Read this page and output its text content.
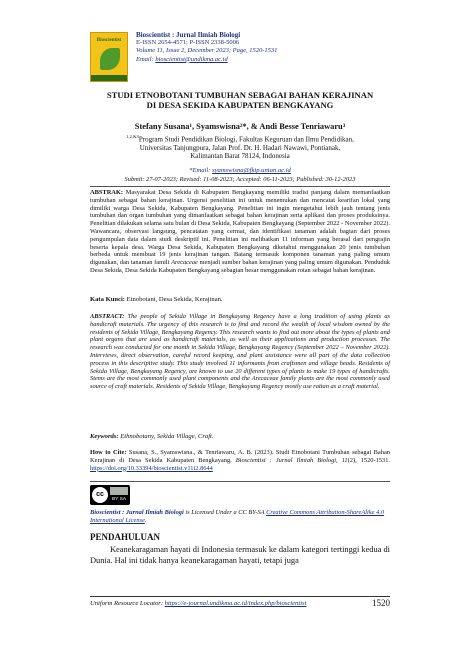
Bioscientist
Bioscientist : Jurnal Ilmiah Biologi
E-ISSN 2654-4571; P-ISSN 2338-5006
Volume 11, Issue 2, December 2023; Page, 1520-1531
Email: bioscientist@undikma.ac.id
STUDI ETNOBOTANI TUMBUHAN SEBAGAI BAHAN KERAJINAN
DI DESA SEKIDA KABUPATEN BENGKAYANG
Stefany Susana¹, Syamswisna²*, & Andi Besse Tenriawaru³
$^{1,2,\&3}$Program Studi Pendidikan Biologi, Fakultas Keguruan dan Ilmu Pendidikan,
Universitas Tanjungpura, Jalan Prof. Dr. H. Hadari Nawawi, Pontianak,
Kalimantan Barat 78124, Indonesia
*Email: syamswisna@fkip.untan.ac.id
Submit: 27-07-2023; Revised: 11-08-2023; Accepted: 06-11-2023; Published: 30-12-2023
ABSTRAK: Masyarakat Desa Sekida di Kabupaten Bengkayang memiliki tradisi panjang dalam memanfaatkan tumbuhan sebagai bahan kerajinan. Urgensi penelitian ini untuk menemukan dan mencatat kearifan lokal yang dimiliki warga Desa Sekida, Kabupaten Bengkayang. Penelitian ini ingin mengetahui lebih jauh tentang jenis tumbuhan dan organ tumbuhan yang dimanfaatkan sebagai bahan kerajinan serta aplikasi dan proses produksinya. Penelitian dilakukan selama satu bulan di Desa Sekida, Kabupaten Bengkayang (September 2022 - November 2022). Wawancara, observasi langsung, pencatatan yang cermat, dan identifikasi tanaman adalah bagian dari proses pengumpulan data dalam studi deskriptif ini. Penelitian ini melibatkan 11 informan yang berasal dari pengrajin beserta kepala desa. Warga Desa Sekida, Kabupaten Bengkayang diketahui menggunakan 20 jenis tumbuhan berbeda untuk membuat 19 jenis kerajinan tangan. Batang termasuk komponen tanaman yang paling umum digunakan, dan tanaman famili Arecaceae menjadi sumber bahan kerajinan yang paling umum digunakan. Penduduk Desa Sekida, Desa Sekida Kabupaten Bengkayang sebagian besar menggunakan rotan sebagai bahan kerajinan.
Kata Kunci: Etnobotani, Desa Sekida, Kerajinan.
ABSTRACT: The people of Sekida Village in Bengkayang Regency have a long tradition of using plants as handicraft materials. The urgency of this research is to find and record the wealth of local wisdom owned by the residents of Sekida Village, Bengkayang Regency. This research wants to find out more about the types of plants and plant organs that are used as handicraft materials, as well as their applications and production processes. The research was conducted for one month in Sekida Village, Bengkayang Regency (September 2022 – November 2022). Interviews, direct observation, careful record keeping, and plant assistance were all part of the data collection process in this descriptive study. This study involved 11 informants from craftsmen and village heads. Residents of Sekida Village, Bengkayang Regency, are known to use 20 different types of plants to make 19 types of handicrafts. Stems are the most commonly used plant components and the Arecaceae family plants are the most commonly used source of craft materials. Residents of Sekida Village, Bengkayang Regency mostly use rattan as a craft material.
Keywords: Ethnobotany, Sekida Village, Craft.
How to Cite: Susana, S., Syamswisna., & Tenriawaru, A. B. (2023). Studi Etnobotani Tumbuhan sebagai Bahan Kerajinan di Desa Sekida Kabupaten Bengkayang. Bioscientist : Jurnal Ilmiah Biologi, 11(2), 1520-1531. https://doi.org/10.33394/bioscientist.v11i2.8644
cc
BY SA
Bioscientist : Jurnal Ilmiah Biologi is Licensed Under a CC BY-SA Creative Commons Attribution-ShareAlike 4.0 International License.
PENDAHULUAN
Keanekaragaman hayati di Indonesia termasuk ke dalam kategori tertinggi kedua di Dunia. Hal ini tidak hanya keanekaragaman hayati, tetapi juga
Uniform Resource Locator: https://e-journal.undikma.ac.id/index.php/bioscientist	1520
